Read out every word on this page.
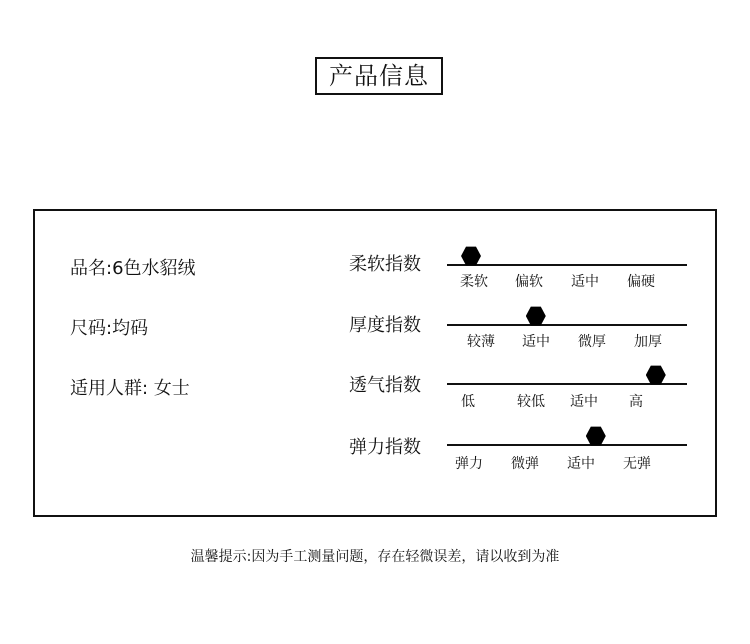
产品信息
品名:6色水貂绒
尺码:均码
适用人群: 女士
柔软指数
柔软 偏软 适中 偏硬
厚度指数
较薄 适中 微厚 加厚
透气指数
低	较低 适中 高
弹力指数
弹力 微弹 适中 无弹
温馨提示:因为手工测量问题，存在轻微误差，请以收到为准
